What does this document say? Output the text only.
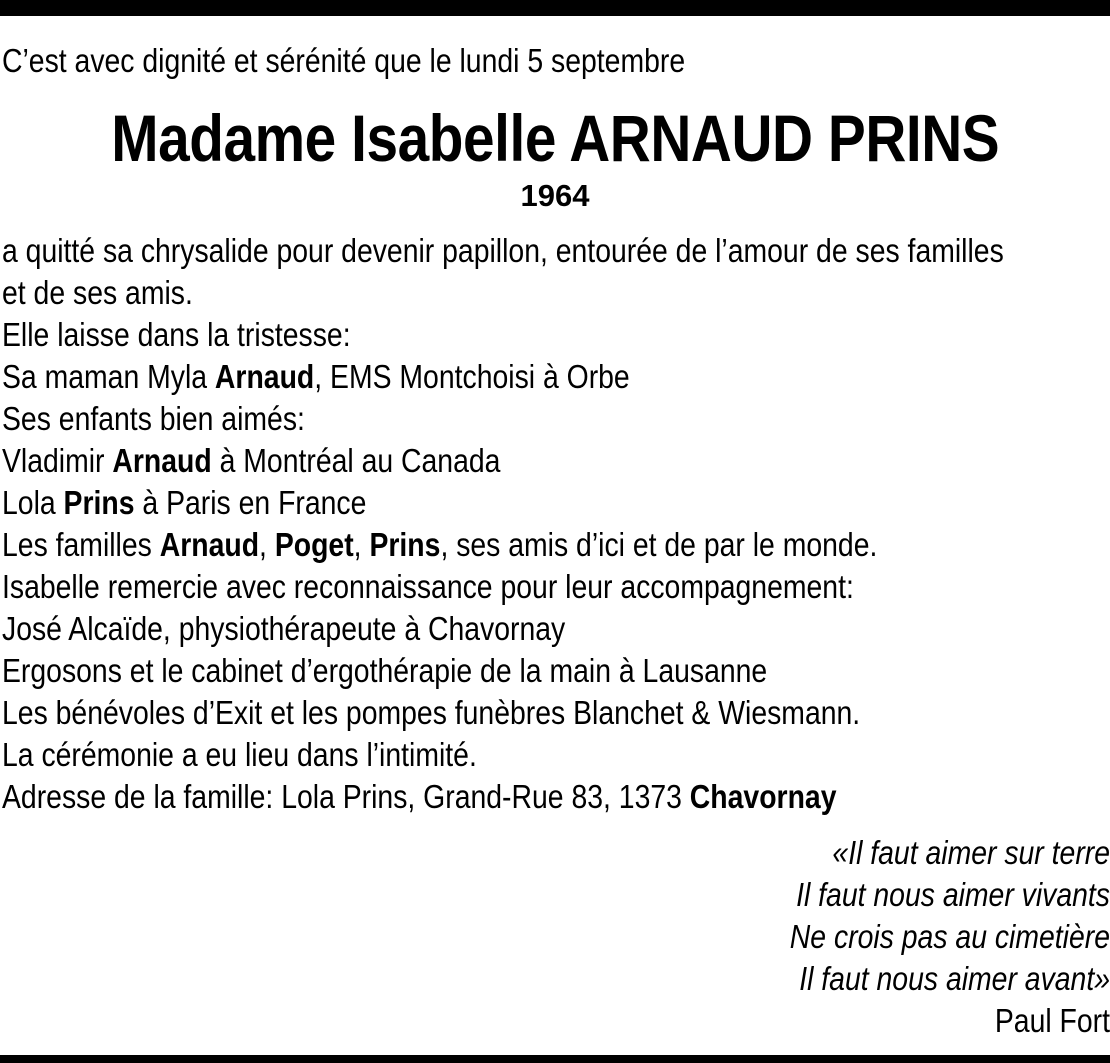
C’est avec dignité et sérénité que le lundi 5 septembre
Madame Isabelle ARNAUD PRINS
1964
a quitté sa chrysalide pour devenir papillon, entourée de l’amour de ses familles
et de ses amis.
Elle laisse dans la tristesse:
Sa maman Myla Arnaud, EMS Montchoisi à Orbe
Ses enfants bien aimés:
Vladimir Arnaud à Montréal au Canada
Lola Prins à Paris en France
Les familles Arnaud, Poget, Prins, ses amis d’ici et de par le monde.
Isabelle remercie avec reconnaissance pour leur accompagnement:
José Alcaïde, physiothérapeute à Chavornay
Ergosons et le cabinet d’ergothérapie de la main à Lausanne
Les bénévoles d’Exit et les pompes funèbres Blanchet & Wiesmann.
La cérémonie a eu lieu dans l’intimité.
Adresse de la famille: Lola Prins, Grand-Rue 83, 1373 Chavornay
«Il faut aimer sur terre
Il faut nous aimer vivants
Ne crois pas au cimetière
Il faut nous aimer avant»
Paul Fort
